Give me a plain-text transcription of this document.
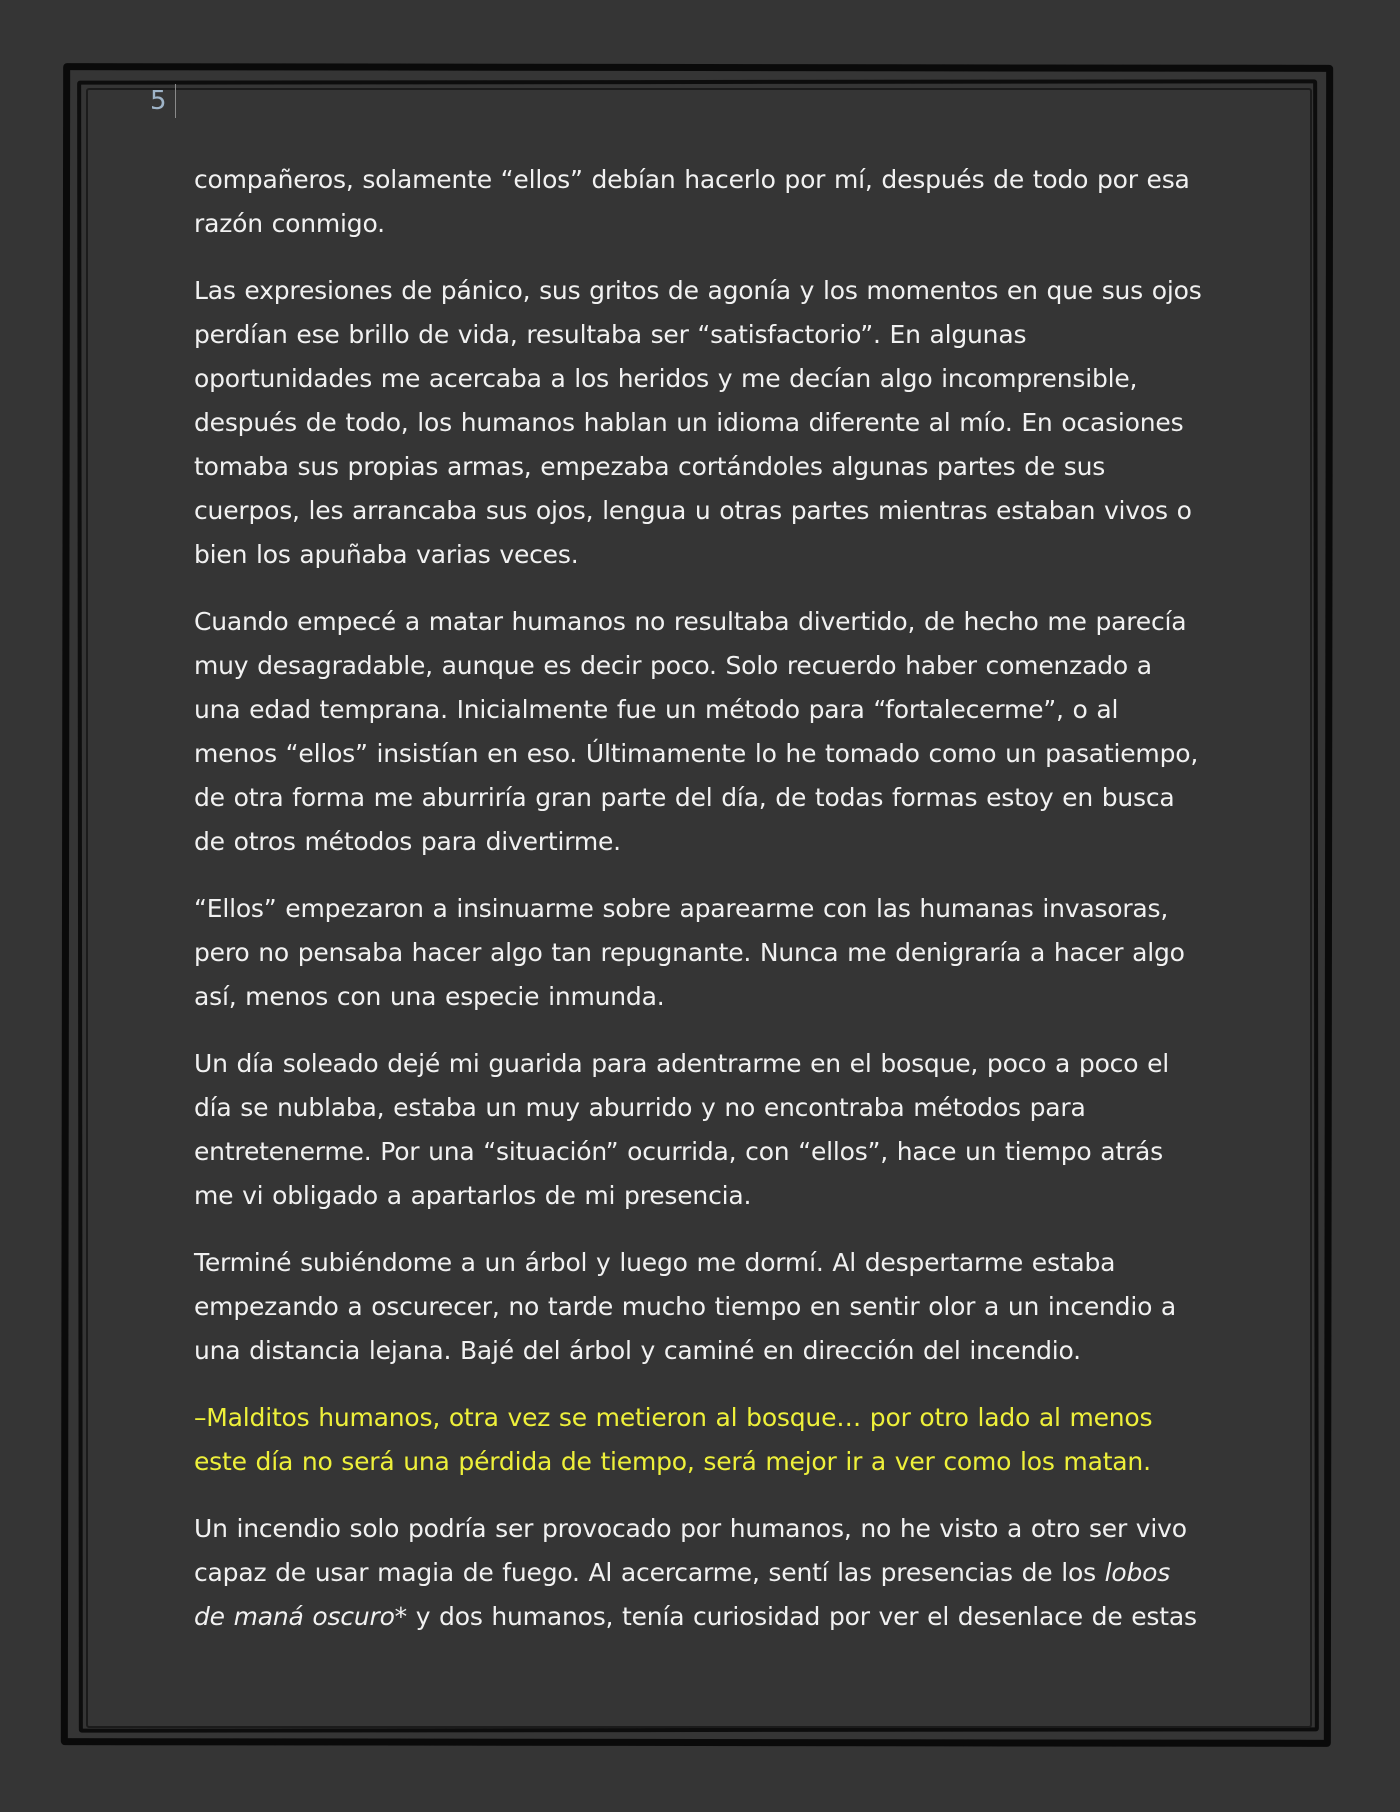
5

compañeros, solamente “ellos” debían hacerlo por mí, después de todo por esa razón conmigo.

Las expresiones de pánico, sus gritos de agonía y los momentos en que sus ojos perdían ese brillo de vida, resultaba ser “satisfactorio”. En algunas oportunidades me acercaba a los heridos y me decían algo incomprensible, después de todo, los humanos hablan un idioma diferente al mío. En ocasiones tomaba sus propias armas, empezaba cortándoles algunas partes de sus cuerpos, les arrancaba sus ojos, lengua u otras partes mientras estaban vivos o bien los apuñaba varias veces.

Cuando empecé a matar humanos no resultaba divertido, de hecho me parecía muy desagradable, aunque es decir poco. Solo recuerdo haber comenzado a una edad temprana. Inicialmente fue un método para “fortalecerme”, o al menos “ellos” insistían en eso. Últimamente lo he tomado como un pasatiempo, de otra forma me aburriría gran parte del día, de todas formas estoy en busca de otros métodos para divertirme.

“Ellos” empezaron a insinuarme sobre aparearme con las humanas invasoras, pero no pensaba hacer algo tan repugnante. Nunca me denigraría a hacer algo así, menos con una especie inmunda.

Un día soleado dejé mi guarida para adentrarme en el bosque, poco a poco el día se nublaba, estaba un muy aburrido y no encontraba métodos para entretenerme. Por una “situación” ocurrida, con “ellos”, hace un tiempo atrás me vi obligado a apartarlos de mi presencia.

Terminé subiéndome a un árbol y luego me dormí. Al despertarme estaba empezando a oscurecer, no tarde mucho tiempo en sentir olor a un incendio a una distancia lejana. Bajé del árbol y caminé en dirección del incendio.

–Malditos humanos, otra vez se metieron al bosque… por otro lado al menos este día no será una pérdida de tiempo, será mejor ir a ver como los matan.

Un incendio solo podría ser provocado por humanos, no he visto a otro ser vivo capaz de usar magia de fuego. Al acercarme, sentí las presencias de los lobos de maná oscuro* y dos humanos, tenía curiosidad por ver el desenlace de estas
